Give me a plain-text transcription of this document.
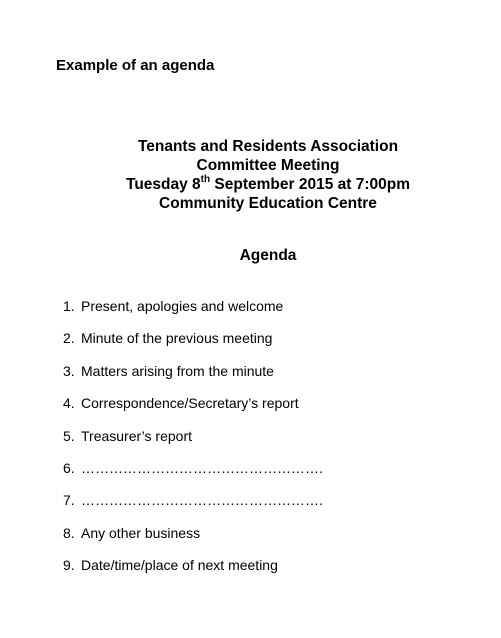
Example of an agenda
Tenants and Residents Association
Committee Meeting
Tuesday 8th September 2015 at 7:00pm
Community Education Centre
Agenda
1. Present, apologies and welcome
2. Minute of the previous meeting
3. Matters arising from the minute
4. Correspondence/Secretary’s report
5. Treasurer’s report
6. …………………………………………….
7. …………………………………………….
8. Any other business
9. Date/time/place of next meeting
